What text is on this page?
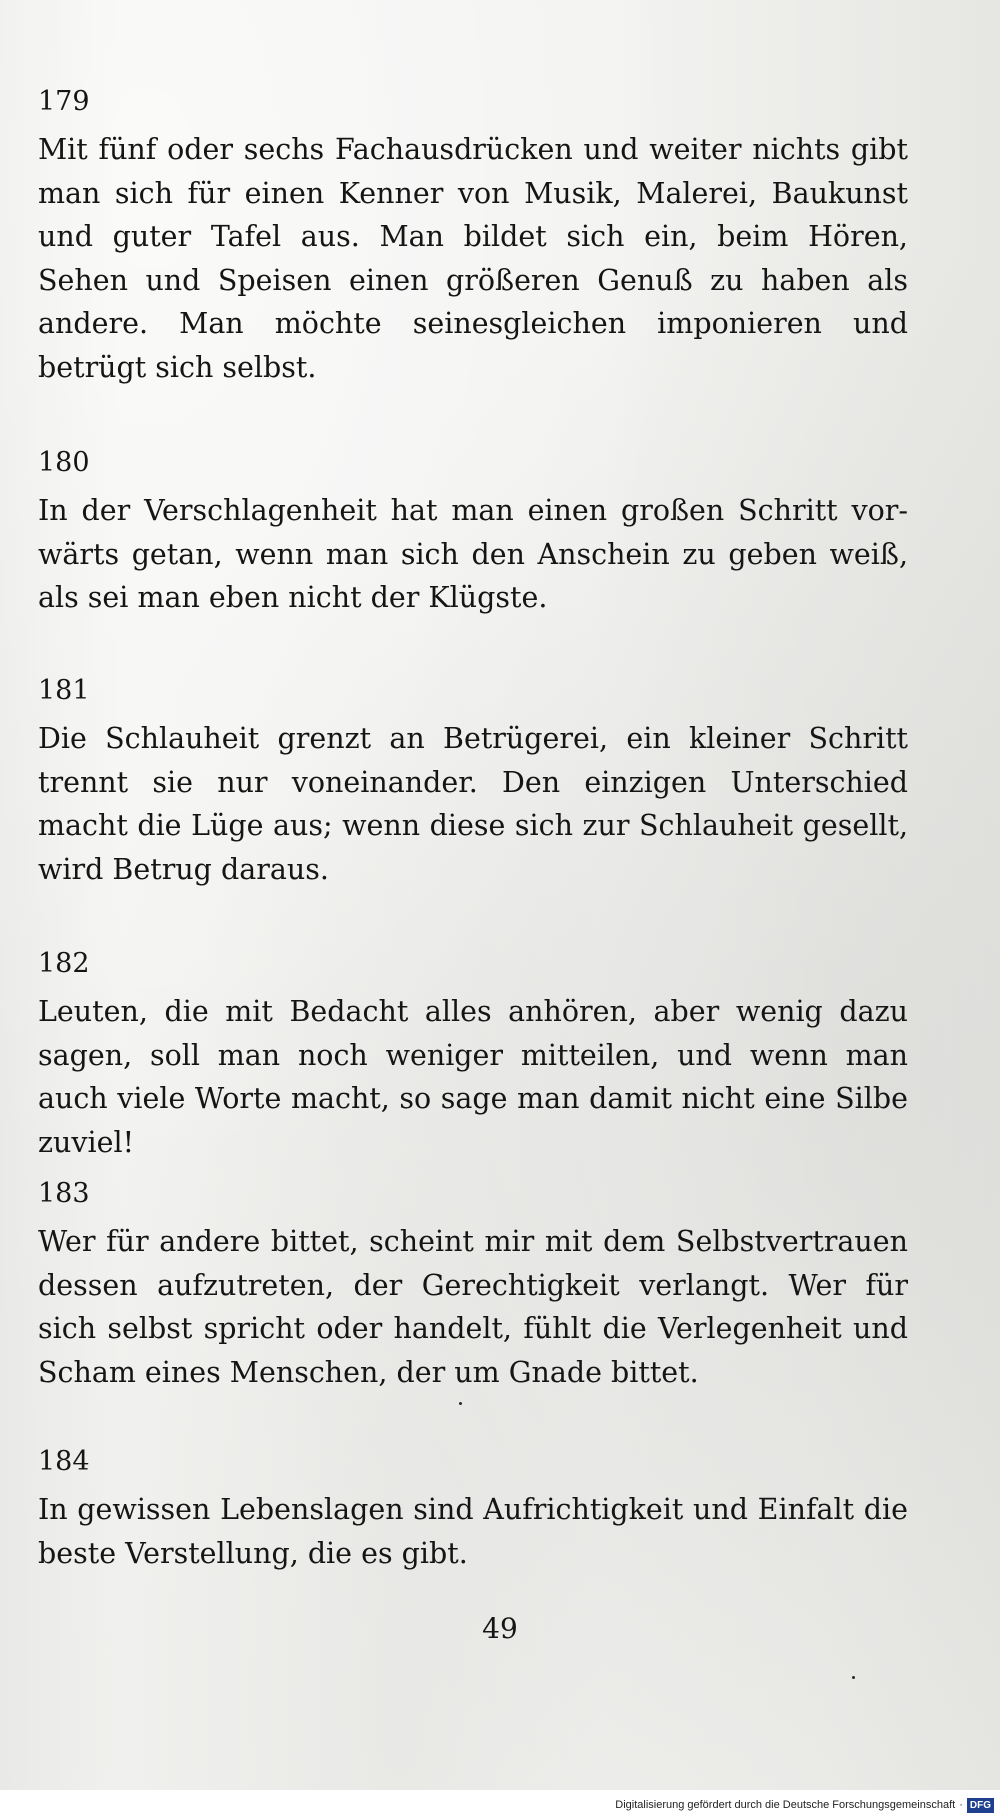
179

Mit fünf oder sechs Fachausdrücken und weiter nichts gibt man sich für einen Kenner von Musik, Malerei, Baukunst und guter Tafel aus. Man bildet sich ein, beim Hören, Sehen und Speisen einen größeren Genuß zu haben als andere. Man möchte seinesgleichen imponieren und betrügt sich selbst.

180

In der Verschlagenheit hat man einen großen Schritt vorwärts getan, wenn man sich den Anschein zu geben weiß, als sei man eben nicht der Klügste.

181

Die Schlauheit grenzt an Betrügerei, ein kleiner Schritt trennt sie nur voneinander. Den einzigen Unterschied macht die Lüge aus; wenn diese sich zur Schlauheit gesellt, wird Betrug daraus.

182

Leuten, die mit Bedacht alles anhören, aber wenig dazu sagen, soll man noch weniger mitteilen, und wenn man auch viele Worte macht, so sage man damit nicht eine Silbe zuviel!

183

Wer für andere bittet, scheint mir mit dem Selbstvertrauen dessen aufzutreten, der Gerechtigkeit verlangt. Wer für sich selbst spricht oder handelt, fühlt die Verlegenheit und Scham eines Menschen, der um Gnade bittet.

184

In gewissen Lebenslagen sind Aufrichtigkeit und Einfalt die beste Verstellung, die es gibt.

49
Digitalisierung gefördert durch die Deutsche Forschungsgemeinschaft · DFG
